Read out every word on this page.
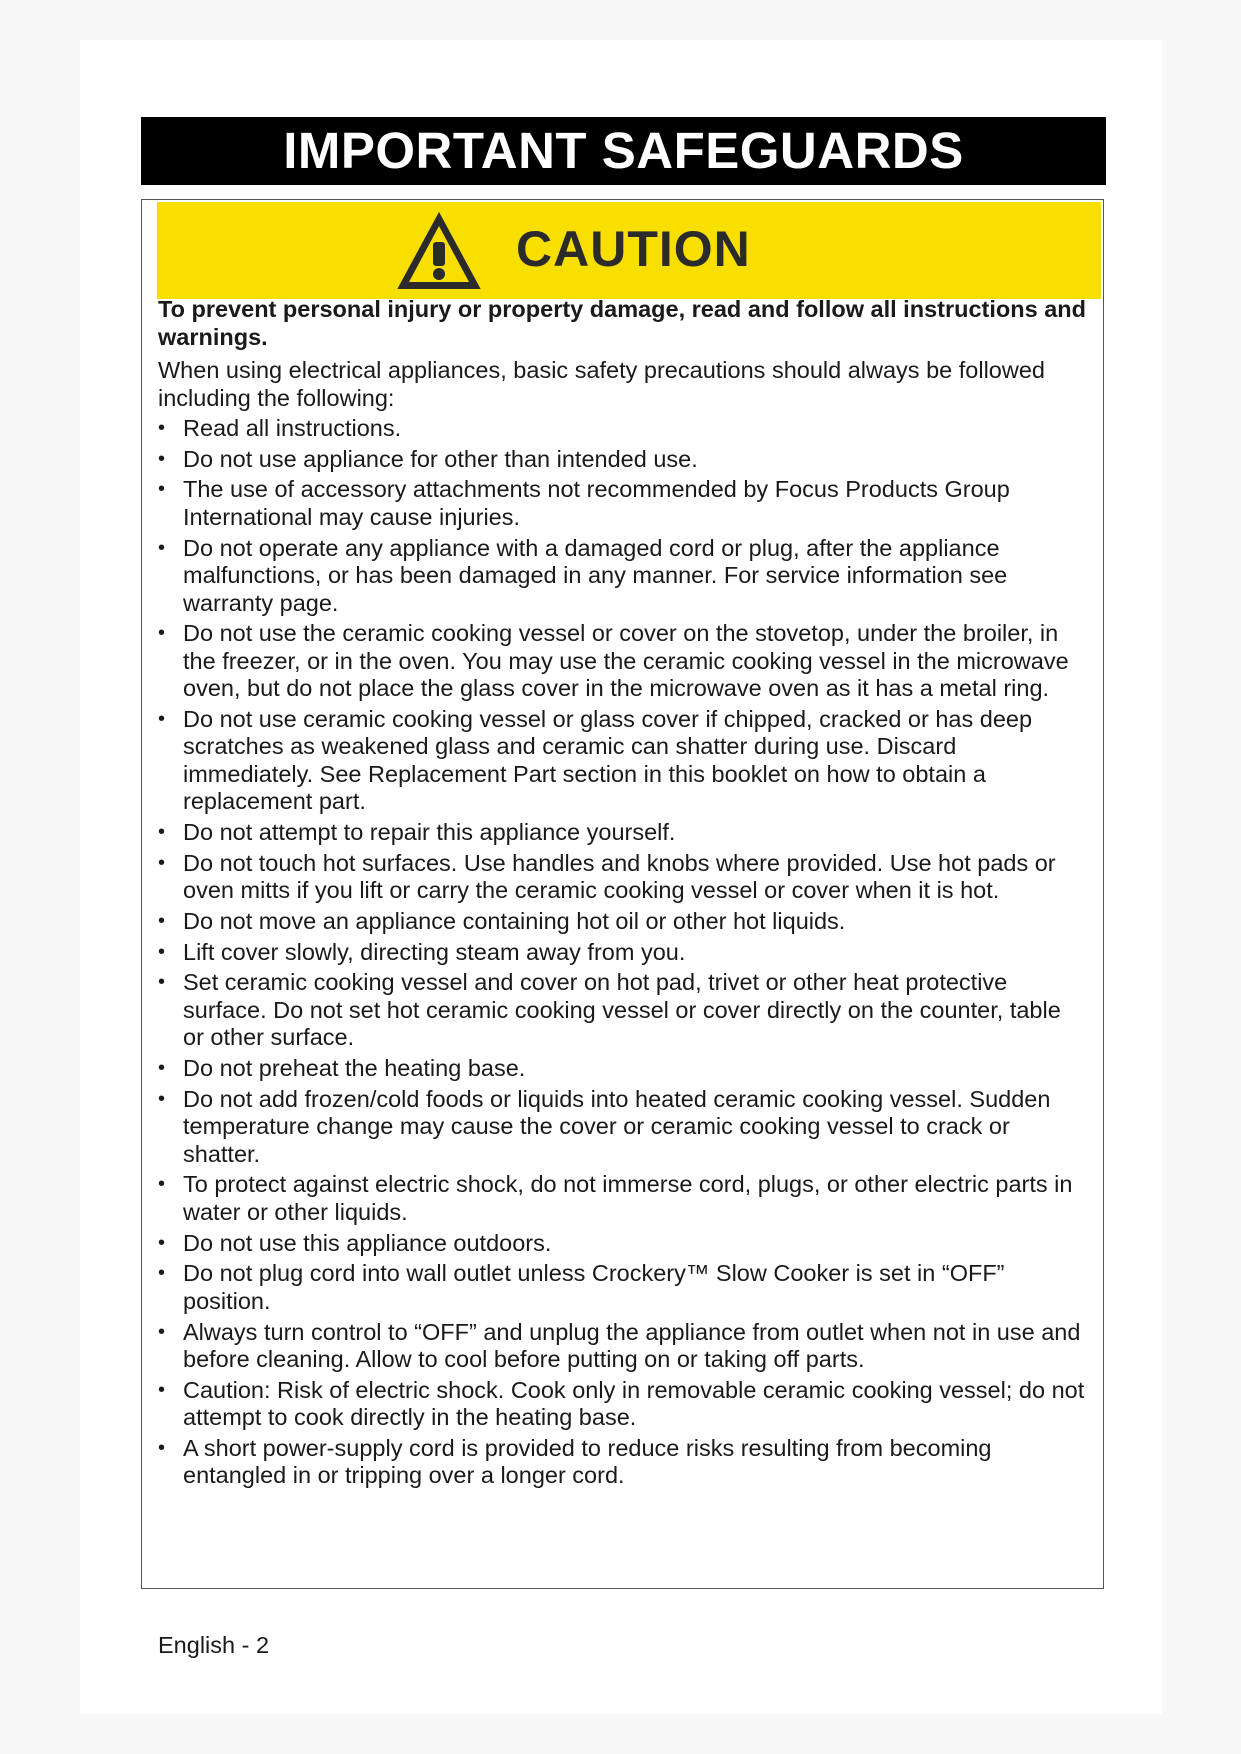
IMPORTANT SAFEGUARDS
CAUTION
To prevent personal injury or property damage, read and follow all instructions and warnings.
When using electrical appliances, basic safety precautions should always be followed including the following:
• Read all instructions.
• Do not use appliance for other than intended use.
• The use of accessory attachments not recommended by Focus Products Group International may cause injuries.
• Do not operate any appliance with a damaged cord or plug, after the appliance malfunctions, or has been damaged in any manner. For service information see warranty page.
• Do not use the ceramic cooking vessel or cover on the stovetop, under the broiler, in the freezer, or in the oven. You may use the ceramic cooking vessel in the microwave oven, but do not place the glass cover in the microwave oven as it has a metal ring.
• Do not use ceramic cooking vessel or glass cover if chipped, cracked or has deep scratches as weakened glass and ceramic can shatter during use. Discard immediately. See Replacement Part section in this booklet on how to obtain a replacement part.
• Do not attempt to repair this appliance yourself.
• Do not touch hot surfaces. Use handles and knobs where provided. Use hot pads or oven mitts if you lift or carry the ceramic cooking vessel or cover when it is hot.
• Do not move an appliance containing hot oil or other hot liquids.
• Lift cover slowly, directing steam away from you.
• Set ceramic cooking vessel and cover on hot pad, trivet or other heat protective surface. Do not set hot ceramic cooking vessel or cover directly on the counter, table or other surface.
• Do not preheat the heating base.
• Do not add frozen/cold foods or liquids into heated ceramic cooking vessel. Sudden temperature change may cause the cover or ceramic cooking vessel to crack or shatter.
• To protect against electric shock, do not immerse cord, plugs, or other electric parts in water or other liquids.
• Do not use this appliance outdoors.
• Do not plug cord into wall outlet unless Crockery™ Slow Cooker is set in “OFF” position.
• Always turn control to “OFF” and unplug the appliance from outlet when not in use and before cleaning. Allow to cool before putting on or taking off parts.
• Caution: Risk of electric shock. Cook only in removable ceramic cooking vessel; do not attempt to cook directly in the heating base.
• A short power-supply cord is provided to reduce risks resulting from becoming entangled in or tripping over a longer cord.
English - 2
